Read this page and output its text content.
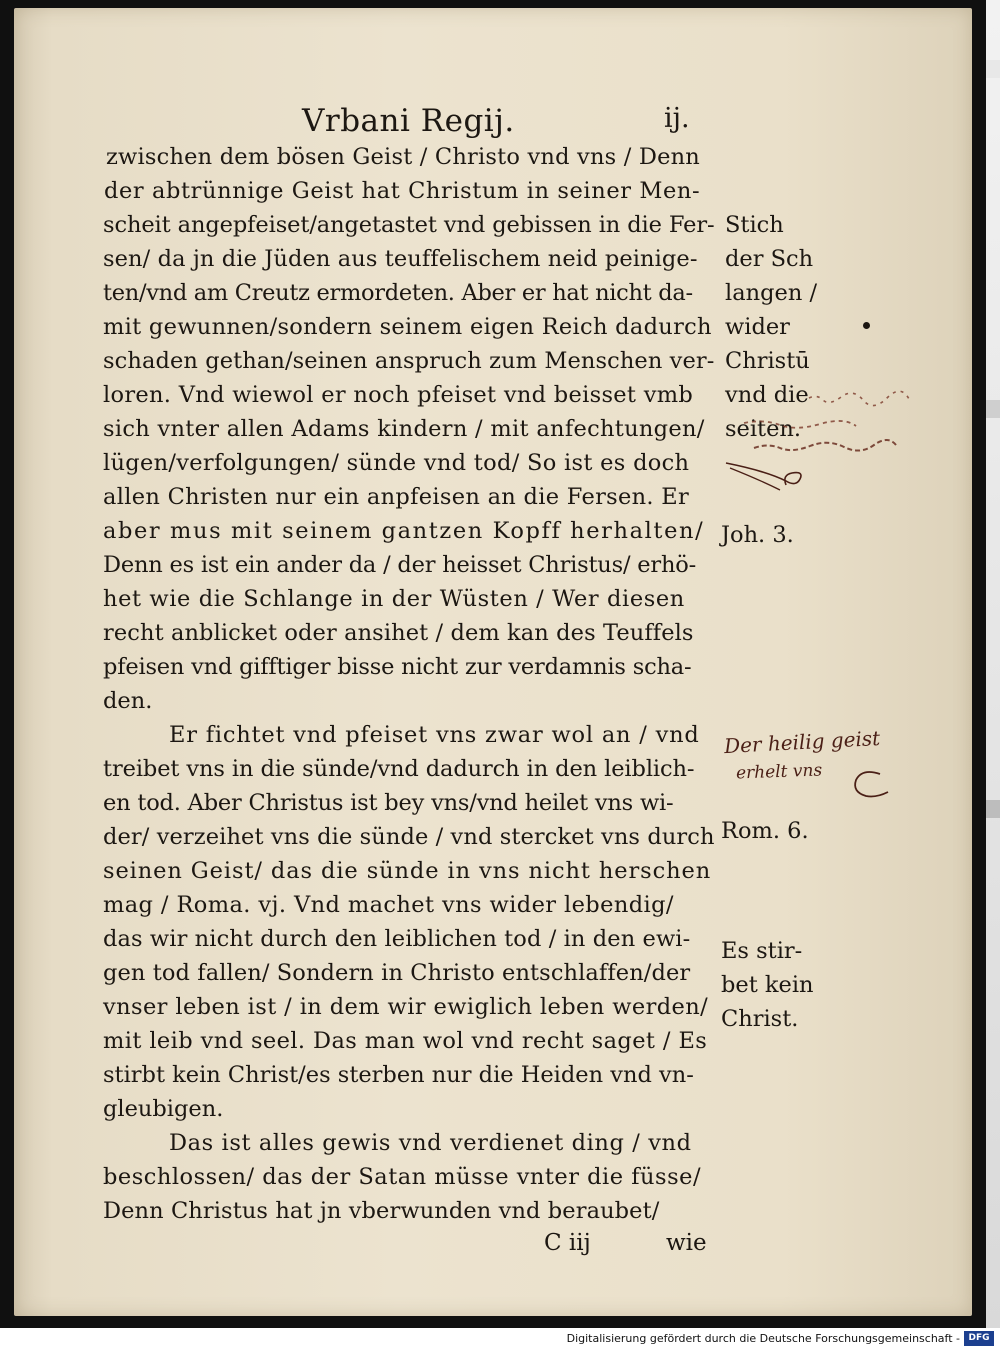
Vrbani Regij.	ij.
zwischen dem bösen Geist / Christo vnd vns / Denn
der abtrünnige Geist hat Christum in seiner Men-
scheit angepfeiset/angetastet vnd gebissen in die Fer-
sen/ da jn die Jüden aus teuffelischem neid peinige-
ten/vnd am Creutz ermordeten. Aber er hat nicht da-
mit gewunnen/sondern seinem eigen Reich dadurch
schaden gethan/seinen anspruch zum Menschen ver-
loren. Vnd wiewol er noch pfeiset vnd beisset vmb
sich vnter allen Adams kindern / mit anfechtungen/
lügen/verfolgungen/ sünde vnd tod/ So ist es doch
allen Christen nur ein anpfeisen an die Fersen. Er
aber mus mit seinem gantzen Kopff herhalten/
Denn es ist ein ander da / der heisset Christus/ erhö-
het wie die Schlange in der Wüsten / Wer diesen
recht anblicket oder ansihet / dem kan des Teuffels
pfeisen vnd gifftiger bisse nicht zur verdamnis scha-
den.
Er fichtet vnd pfeiset vns zwar wol an / vnd
treibet vns in die sünde/vnd dadurch in den leiblich-
en tod. Aber Christus ist bey vns/vnd heilet vns wi-
der/ verzeihet vns die sünde / vnd stercket vns durch
seinen Geist/ das die sünde in vns nicht herschen
mag / Roma. vj. Vnd machet vns wider lebendig/
das wir nicht durch den leiblichen tod / in den ewi-
gen tod fallen/ Sondern in Christo entschlaffen/der
vnser leben ist / in dem wir ewiglich leben werden/
mit leib vnd seel. Das man wol vnd recht saget / Es
stirbt kein Christ/es sterben nur die Heiden vnd vn-
gleubigen.
Das ist alles gewis vnd verdienet ding / vnd
beschlossen/ das der Satan müsse vnter die füsse/
Denn Christus hat jn vberwunden vnd beraubet/
C iij	wie
Stich
der Sch
langen /
wider
Christū
vnd die
seiten.
Joh. 3.
Rom. 6.
Es stir-
bet kein
Christ.
Der heilig geist
erhelt vns
Digitalisierung gefördert durch die Deutsche Forschungsgemeinschaft - DFG
